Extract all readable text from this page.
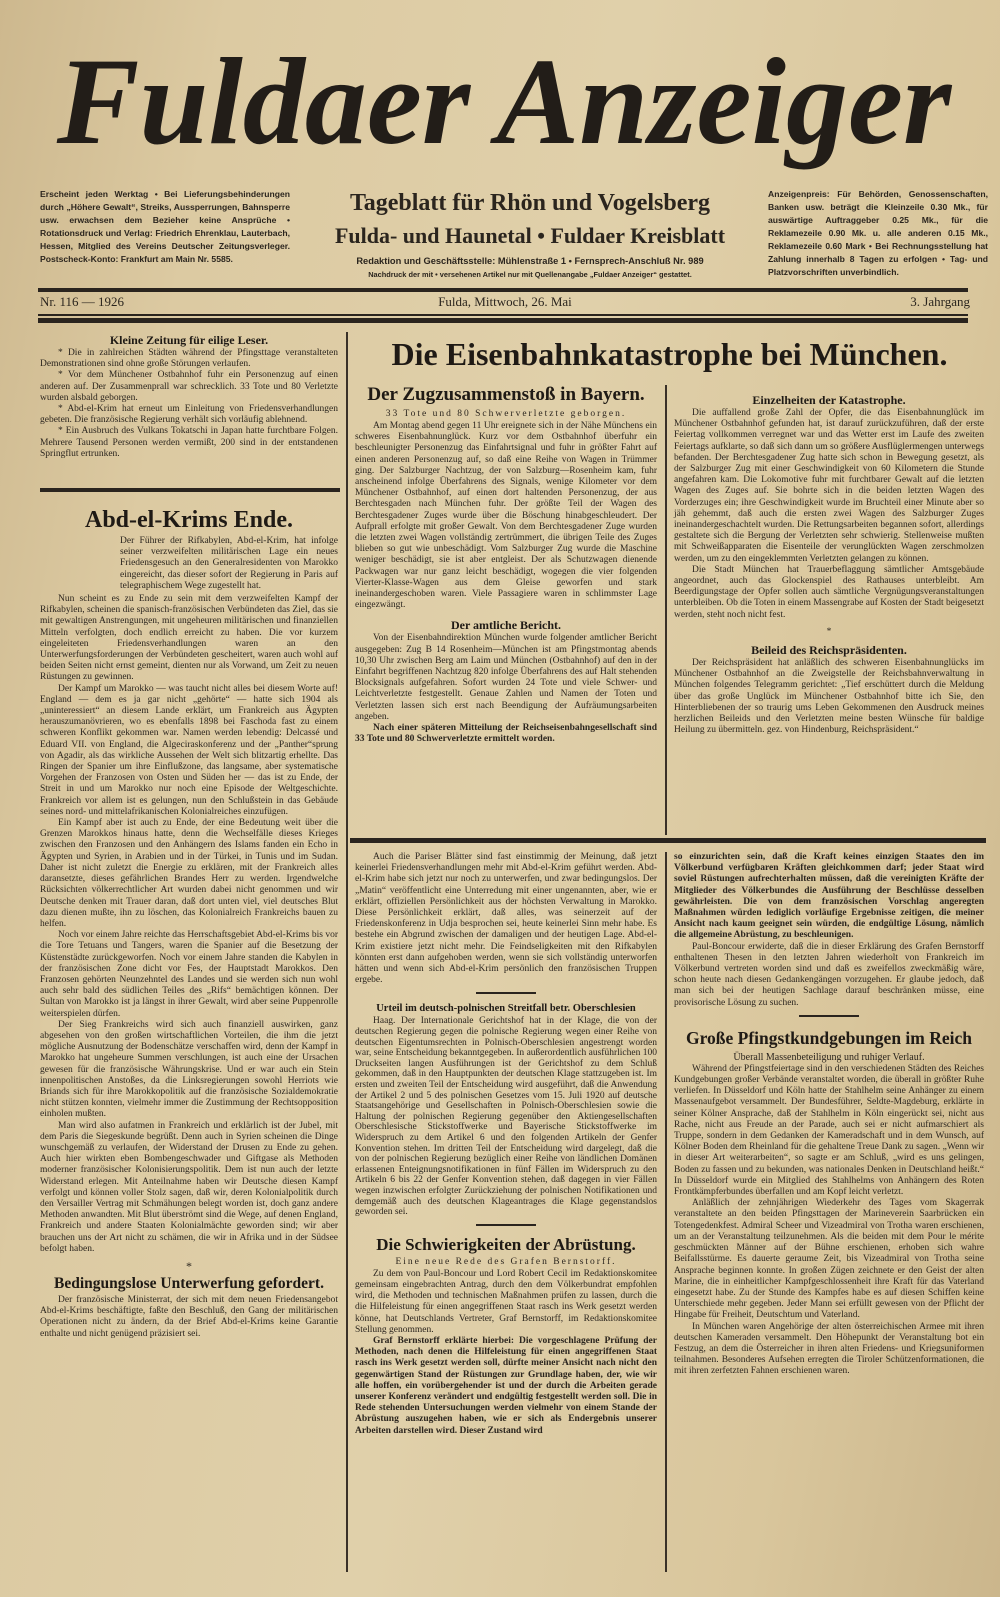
Fuldaer Anzeiger
Erscheint jeden Werktag • Bei Lieferungsbehinderungen durch „Höhere Gewalt“, Streiks, Aussperrungen, Bahnsperre usw. erwachsen dem Bezieher keine Ansprüche • Rotationsdruck und Verlag: Friedrich Ehrenklau, Lauterbach, Hessen, Mitglied des Vereins Deutscher Zeitungsverleger. Postscheck-Konto: Frankfurt am Main Nr. 5585.
Tageblatt für Rhön und Vogelsberg
Fulda- und Haunetal • Fuldaer Kreisblatt
Redaktion und Geschäftsstelle: Mühlenstraße 1 • Fernsprech-Anschluß Nr. 989
Nachdruck der mit • versehenen Artikel nur mit Quellenangabe „Fuldaer Anzeiger“ gestattet.
Anzeigenpreis: Für Behörden, Genossenschaften, Banken usw. beträgt die Kleinzeile 0.30 Mk., für auswärtige Auftraggeber 0.25 Mk., für die Reklamezeile 0.90 Mk. u. alle anderen 0.15 Mk., Reklamezeile 0.60 Mark • Bei Rechnungsstellung hat Zahlung innerhalb 8 Tagen zu erfolgen • Tag- und Platzvorschriften unverbindlich.
Nr. 116 — 1926	Fulda, Mittwoch, 26. Mai	3. Jahrgang
Kleine Zeitung für eilige Leser.

* Die in zahlreichen Städten während der Pfingsttage veranstalteten Demonstrationen sind ohne große Störungen verlaufen.

* Vor dem Münchener Ostbahnhof fuhr ein Personenzug auf einen anderen auf. Der Zusammenprall war schrecklich. 33 Tote und 80 Verletzte wurden alsbald geborgen.

* Abd-el-Krim hat erneut um Einleitung von Friedensverhandlungen gebeten. Die französische Regierung verhält sich vorläufig ablehnend.

* Ein Ausbruch des Vulkans Tokatschi in Japan hatte furchtbare Folgen. Mehrere Tausend Personen werden vermißt, 200 sind in der entstandenen Springflut ertrunken.

Abd-el-Krims Ende.

Der Führer der Rifkabylen, Abd-el-Krim, hat infolge seiner verzweifelten militärischen Lage ein neues Friedensgesuch an den Generalresidenten von Marokko eingereicht, das dieser sofort der Regierung in Paris auf telegraphischem Wege zugestellt hat.

Nun scheint es zu Ende zu sein mit dem verzweifelten Kampf der Rifkabylen, scheinen die spanisch-französischen Verbündeten das Ziel, das sie mit gewaltigen Anstrengungen, mit ungeheuren militärischen und finanziellen Mitteln verfolgten, doch endlich erreicht zu haben. Die vor kurzem eingeleiteten Friedensverhandlungen waren an den Unterwerfungsforderungen der Verbündeten gescheitert, waren auch wohl auf beiden Seiten nicht ernst gemeint, dienten nur als Vorwand, um Zeit zu neuen Rüstungen zu gewinnen.

Der Kampf um Marokko — was taucht nicht alles bei diesem Worte auf! England — dem es ja gar nicht „gehörte“ — hatte sich 1904 als „uninteressiert“ an diesem Lande erklärt, um Frankreich aus Ägypten herauszumanövrieren, wo es ebenfalls 1898 bei Faschoda fast zu einem schweren Konflikt gekommen war. Namen werden lebendig: Delcassé und Eduard VII. von England, die Algeciraskonferenz und der „Panther“sprung von Agadir, als das wirkliche Aussehen der Welt sich blitzartig erhellte. Das Ringen der Spanier um ihre Einflußzone, das langsame, aber systematische Vorgehen der Franzosen von Osten und Süden her — das ist zu Ende, der Streit in und um Marokko nur noch eine Episode der Weltgeschichte. Frankreich vor allem ist es gelungen, nun den Schlußstein in das Gebäude seines nord- und mittelafrikanischen Kolonialreiches einzufügen.

Ein Kampf aber ist auch zu Ende, der eine Bedeutung weit über die Grenzen Marokkos hinaus hatte, denn die Wechselfälle dieses Krieges zwischen den Franzosen und den Anhängern des Islams fanden ein Echo in Ägypten und Syrien, in Arabien und in der Türkei, in Tunis und im Sudan. Daher ist nicht zuletzt die Energie zu erklären, mit der Frankreich alles daransetzte, dieses gefährlichen Brandes Herr zu werden. Irgendwelche Rücksichten völkerrechtlicher Art wurden dabei nicht genommen und wir Deutsche denken mit Trauer daran, daß dort unten viel, viel deutsches Blut dazu dienen mußte, ihn zu löschen, das Kolonialreich Frankreichs bauen zu helfen.

Noch vor einem Jahre reichte das Herrschaftsgebiet Abd-el-Krims bis vor die Tore Tetuans und Tangers, waren die Spanier auf die Besetzung der Küstenstädte zurückgeworfen. Noch vor einem Jahre standen die Kabylen in der französischen Zone dicht vor Fes, der Hauptstadt Marokkos. Den Franzosen gehörten Neunzehntel des Landes und sie werden sich nun wohl auch sehr bald des südlichen Teiles des „Rifs“ bemächtigen können. Der Sultan von Marokko ist ja längst in ihrer Gewalt, wird aber seine Puppenrolle weiterspielen dürfen.

Der Sieg Frankreichs wird sich auch finanziell auswirken, ganz abgesehen von den großen wirtschaftlichen Vorteilen, die ihm die jetzt mögliche Ausnutzung der Bodenschätze verschaffen wird, denn der Kampf in Marokko hat ungeheure Summen verschlungen, ist auch eine der Ursachen gewesen für die französische Währungskrise. Und er war auch ein Stein innenpolitischen Anstoßes, da die Linksregierungen sowohl Herriots wie Briands sich für ihre Marokkopolitik auf die französische Sozialdemokratie nicht stützen konnten, vielmehr immer die Zustimmung der Rechtsopposition einholen mußten.

Man wird also aufatmen in Frankreich und erklärlich ist der Jubel, mit dem Paris die Siegeskunde begrüßt. Denn auch in Syrien scheinen die Dinge wunschgemäß zu verlaufen, der Widerstand der Drusen zu Ende zu gehen. Auch hier wirkten eben Bombengeschwader und Giftgase als Methoden moderner französischer Kolonisierungspolitik. Dem ist nun auch der letzte Widerstand erlegen. Mit Anteilnahme haben wir Deutsche diesen Kampf verfolgt und können voller Stolz sagen, daß wir, deren Kolonialpolitik durch den Versailler Vertrag mit Schmähungen belegt worden ist, doch ganz andere Methoden anwandten. Mit Blut überströmt sind die Wege, auf denen England, Frankreich und andere Staaten Kolonialmächte geworden sind; wir aber brauchen uns der Art nicht zu schämen, die wir in Afrika und in der Südsee befolgt haben.

*
Bedingungslose Unterwerfung gefordert.

Der französische Ministerrat, der sich mit dem neuen Friedensangebot Abd-el-Krims beschäftigte, faßte den Beschluß, den Gang der militärischen Operationen nicht zu ändern, da der Brief Abd-el-Krims keine Garantie enthalte und nicht genügend präzisiert sei.

Die Eisenbahnkatastrophe bei München.
Der Zugzusammenstoß in Bayern.
33 Tote und 80 Schwerverletzte geborgen.

Am Montag abend gegen 11 Uhr ereignete sich in der Nähe Münchens ein schweres Eisenbahnunglück. Kurz vor dem Ostbahnhof überfuhr ein beschleunigter Personenzug das Einfahrtsignal und fuhr in größter Fahrt auf einen anderen Personenzug auf, so daß eine Reihe von Wagen in Trümmer ging. Der Salzburger Nachtzug, der von Salzburg—Rosenheim kam, fuhr anscheinend infolge Überfahrens des Signals, wenige Kilometer vor dem Münchener Ostbahnhof, auf einen dort haltenden Personenzug, der aus Berchtesgaden nach München fuhr. Der größte Teil der Wagen des Berchtesgadener Zuges wurde über die Böschung hinabgeschleudert. Der Aufprall erfolgte mit großer Gewalt. Von dem Berchtesgadener Zuge wurden die letzten zwei Wagen vollständig zertrümmert, die übrigen Teile des Zuges blieben so gut wie unbeschädigt. Vom Salzburger Zug wurde die Maschine weniger beschädigt, sie ist aber entgleist. Der als Schutzwagen dienende Packwagen war nur ganz leicht beschädigt, wogegen die vier folgenden Vierter-Klasse-Wagen aus dem Gleise geworfen und stark ineinandergeschoben waren. Viele Passagiere waren in schlimmster Lage eingezwängt.

Der amtliche Bericht.

Von der Eisenbahndirektion München wurde folgender amtlicher Bericht ausgegeben: Zug B 14 Rosenheim—München ist am Pfingstmontag abends 10,30 Uhr zwischen Berg am Laim und München (Ostbahnhof) auf den in der Einfahrt begriffenen Nachtzug 820 infolge Überfahrens des auf Halt stehenden Blocksignals aufgefahren. Sofort wurden 24 Tote und viele Schwer- und Leichtverletzte festgestellt. Genaue Zahlen und Namen der Toten und Verletzten lassen sich erst nach Beendigung der Aufräumungsarbeiten angeben.

Nach einer späteren Mitteilung der Reichseisenbahngesellschaft sind 33 Tote und 80 Schwerverletzte ermittelt worden.

Einzelheiten der Katastrophe.

Die auffallend große Zahl der Opfer, die das Eisenbahnunglück im Münchener Ostbahnhof gefunden hat, ist darauf zurückzuführen, daß der erste Feiertag vollkommen verregnet war und das Wetter erst im Laufe des zweiten Feiertags aufklarte, so daß sich dann um so größere Ausflüglermengen unterwegs befanden. Der Berchtesgadener Zug hatte sich schon in Bewegung gesetzt, als der Salzburger Zug mit einer Geschwindigkeit von 60 Kilometern die Stunde angefahren kam. Die Lokomotive fuhr mit furchtbarer Gewalt auf die letzten Wagen des Zuges auf. Sie bohrte sich in die beiden letzten Wagen des Vorderzuges ein; ihre Geschwindigkeit wurde im Bruchteil einer Minute aber so jäh gehemmt, daß auch die ersten zwei Wagen des Salzburger Zuges ineinandergeschachtelt wurden. Die Rettungsarbeiten begannen sofort, allerdings gestaltete sich die Bergung der Verletzten sehr schwierig. Stellenweise mußten mit Schweißapparaten die Eisenteile der verunglückten Wagen zerschmolzen werden, um zu den eingeklemmten Verletzten gelangen zu können.

Die Stadt München hat Trauerbeflaggung sämtlicher Amtsgebäude angeordnet, auch das Glockenspiel des Rathauses unterbleibt. Am Beerdigungstage der Opfer sollen auch sämtliche Vergnügungsveranstaltungen unterbleiben. Ob die Toten in einem Massengrabe auf Kosten der Stadt beigesetzt werden, steht noch nicht fest.

*
Beileid des Reichspräsidenten.

Der Reichspräsident hat anläßlich des schweren Eisenbahnunglücks im Münchener Ostbahnhof an die Zweigstelle der Reichsbahnverwaltung in München folgendes Telegramm gerichtet: „Tief erschüttert durch die Meldung über das große Unglück im Münchener Ostbahnhof bitte ich Sie, den Hinterbliebenen der so traurig ums Leben Gekommenen den Ausdruck meines herzlichen Beileids und den Verletzten meine besten Wünsche für baldige Heilung zu übermitteln. gez. von Hindenburg, Reichspräsident.“

Auch die Pariser Blätter sind fast einstimmig der Meinung, daß jetzt keinerlei Friedensverhandlungen mehr mit Abd-el-Krim geführt werden. Abd-el-Krim habe sich jetzt nur noch zu unterwerfen, und zwar bedingungslos. Der „Matin“ veröffentlicht eine Unterredung mit einer ungenannten, aber, wie er erklärt, offiziellen Persönlichkeit aus der höchsten Verwaltung in Marokko. Diese Persönlichkeit erklärt, daß alles, was seinerzeit auf der Friedenskonferenz in Udja besprochen sei, heute keinerlei Sinn mehr habe. Es bestehe ein Abgrund zwischen der damaligen und der heutigen Lage. Abd-el-Krim existiere jetzt nicht mehr. Die Feindseligkeiten mit den Rifkabylen könnten erst dann aufgehoben werden, wenn sie sich vollständig unterworfen hätten und wenn sich Abd-el-Krim persönlich den französischen Truppen ergebe.

Urteil im deutsch-polnischen Streitfall betr. Oberschlesien

Haag. Der Internationale Gerichtshof hat in der Klage, die von der deutschen Regierung gegen die polnische Regierung wegen einer Reihe von deutschen Eigentumsrechten in Polnisch-Oberschlesien angestrengt worden war, seine Entscheidung bekanntgegeben. In außerordentlich ausführlichen 100 Druckseiten langen Ausführungen ist der Gerichtshof zu dem Schluß gekommen, daß in den Hauptpunkten der deutschen Klage stattzugeben ist. Im ersten und zweiten Teil der Entscheidung wird ausgeführt, daß die Anwendung der Artikel 2 und 5 des polnischen Gesetzes vom 15. Juli 1920 auf deutsche Staatsangehörige und Gesellschaften in Polnisch-Oberschlesien sowie die Haltung der polnischen Regierung gegenüber den Aktiengesellschaften Oberschlesische Stickstoffwerke und Bayerische Stickstoffwerke im Widerspruch zu dem Artikel 6 und den folgenden Artikeln der Genfer Konvention stehen. Im dritten Teil der Entscheidung wird dargelegt, daß die von der polnischen Regierung bezüglich einer Reihe von ländlichen Domänen erlassenen Enteignungsnotifikationen in fünf Fällen im Widerspruch zu den Artikeln 6 bis 22 der Genfer Konvention stehen, daß dagegen in vier Fällen wegen inzwischen erfolgter Zurückziehung der polnischen Notifikationen und demgemäß auch des deutschen Klageantrages die Klage gegenstandslos geworden sei.

Die Schwierigkeiten der Abrüstung.
Eine neue Rede des Grafen Bernstorff.

Zu dem von Paul-Boncour und Lord Robert Cecil im Redaktionskomitee gemeinsam eingebrachten Antrag, durch den dem Völkerbundrat empfohlen wird, die Methoden und technischen Maßnahmen prüfen zu lassen, durch die die Hilfeleistung für einen angegriffenen Staat rasch ins Werk gesetzt werden könne, hat Deutschlands Vertreter, Graf Bernstorff, im Redaktionskomitee Stellung genommen.

Graf Bernstorff erklärte hierbei: Die vorgeschlagene Prüfung der Methoden, nach denen die Hilfeleistung für einen angegriffenen Staat rasch ins Werk gesetzt werden soll, dürfte meiner Ansicht nach nicht den gegenwärtigen Stand der Rüstungen zur Grundlage haben, der, wie wir alle hoffen, ein vorübergehender ist und der durch die Arbeiten gerade unserer Konferenz verändert und endgültig festgestellt werden soll. Die in Rede stehenden Untersuchungen werden vielmehr von einem Stande der Abrüstung auszugehen haben, wie er sich als Endergebnis unserer Arbeiten darstellen wird. Dieser Zustand wird

so einzurichten sein, daß die Kraft keines einzigen Staates den im Völkerbund verfügbaren Kräften gleichkommen darf; jeder Staat wird soviel Rüstungen aufrechterhalten müssen, daß die vereinigten Kräfte der Mitglieder des Völkerbundes die Ausführung der Beschlüsse desselben gewährleisten. Die von dem französischen Vorschlag angeregten Maßnahmen würden lediglich vorläufige Ergebnisse zeitigen, die meiner Ansicht nach kaum geeignet sein würden, die endgültige Lösung, nämlich die allgemeine Abrüstung, zu beschleunigen.

Paul-Boncour erwiderte, daß die in dieser Erklärung des Grafen Bernstorff enthaltenen Thesen in den letzten Jahren wiederholt von Frankreich im Völkerbund vertreten worden sind und daß es zweifellos zweckmäßig wäre, schon heute nach diesen Gedankengängen vorzugehen. Er glaube jedoch, daß man sich bei der heutigen Sachlage darauf beschränken müsse, eine provisorische Lösung zu suchen.

Große Pfingstkundgebungen im Reich
Überall Massenbeteiligung und ruhiger Verlauf.

Während der Pfingstfeiertage sind in den verschiedenen Städten des Reiches Kundgebungen großer Verbände veranstaltet worden, die überall in größter Ruhe verliefen. In Düsseldorf und Köln hatte der Stahlhelm seine Anhänger zu einem Massenaufgebot versammelt. Der Bundesführer, Seldte-Magdeburg, erklärte in seiner Kölner Ansprache, daß der Stahlhelm in Köln eingerückt sei, nicht aus Rache, nicht aus Freude an der Parade, auch sei er nicht aufmarschiert als Truppe, sondern in dem Gedanken der Kameradschaft und in dem Wunsch, auf Kölner Boden dem Rheinland für die gehaltene Treue Dank zu sagen. „Wenn wir in dieser Art weiterarbeiten“, so sagte er am Schluß, „wird es uns gelingen, Boden zu fassen und zu bekunden, was nationales Denken in Deutschland heißt.“ In Düsseldorf wurde ein Mitglied des Stahlhelms von Anhängern des Roten Frontkämpferbundes überfallen und am Kopf leicht verletzt.

Anläßlich der zehnjährigen Wiederkehr des Tages vom Skagerrak veranstaltete an den beiden Pfingsttagen der Marineverein Saarbrücken ein Totengedenkfest. Admiral Scheer und Vizeadmiral von Trotha waren erschienen, um an der Veranstaltung teilzunehmen. Als die beiden mit dem Pour le mérite geschmückten Männer auf der Bühne erschienen, erhoben sich wahre Beifallsstürme. Es dauerte geraume Zeit, bis Vizeadmiral von Trotha seine Ansprache beginnen konnte. In großen Zügen zeichnete er den Geist der alten Marine, die in einheitlicher Kampfgeschlossenheit ihre Kraft für das Vaterland eingesetzt habe. Zu der Stunde des Kampfes habe es auf diesen Schiffen keine Unterschiede mehr gegeben. Jeder Mann sei erfüllt gewesen von der Pflicht der Hingabe für Freiheit, Deutschtum und Vaterland.

In München waren Angehörige der alten österreichischen Armee mit ihren deutschen Kameraden versammelt. Den Höhepunkt der Veranstaltung bot ein Festzug, an dem die Österreicher in ihren alten Friedens- und Kriegsuniformen teilnahmen. Besonderes Aufsehen erregten die Tiroler Schützenformationen, die mit ihren zerfetzten Fahnen erschienen waren.
